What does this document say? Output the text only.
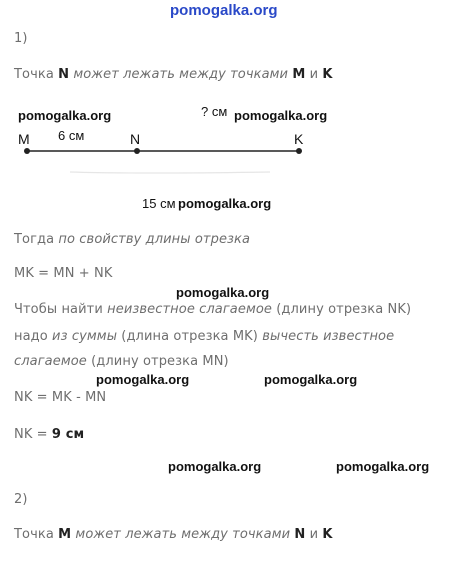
pomogalka.org
1)
Точка N может лежать между точками M и K
pomogalka.org	? см pomogalka.org
M 6 см	N	K
15 см pomogalka.org
Тогда по свойству длины отрезка
MK = MN + NK
pomogalka.org
Чтобы найти неизвестное слагаемое (длину отрезка NK)
надо из суммы (длина отрезка MK) вычесть известное
слагаемое (длину отрезка MN)
pomogalka.org	pomogalka.org
NK = MK - MN
NK = 9 см
pomogalka.org	pomogalka.org
2)
Точка M может лежать между точками N и K
